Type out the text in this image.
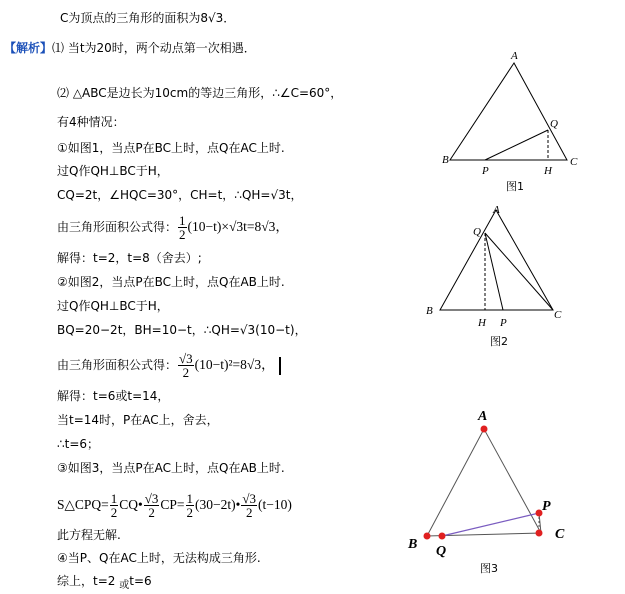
C为顶点的三角形的面积为8√3．
【解析】⑴ 当t为20时，两个动点第一次相遇．
⑵ △ABC是边长为10cm的等边三角形，∴∠C=60°，
有4种情况：
①如图1，当点P在BC上时，点Q在AC上时.
过Q作QH⊥BC于H，
CQ=2t，∠HQC=30°，CH=t，∴QH=√3t，
由三角形面积公式得： $\frac{1}{2} (10-t)\times√3t=8√3$，
解得：t=2，t=8（舍去）;
②如图2，当点P在BC上时，点Q在AB上时.
过Q作QH⊥BC于H，
BQ=20−2t，BH=10−t，∴QH=√3(10−t)，
由三角形面积公式得： $\frac{√3}{2} (10-t)^2=8√3$，
解得：t=6或t=14，
当t=14时，P在AC上，舍去，
∴t=6；
③如图3，当点P在AC上时，点Q在AB上时.
S△CPQ= $\frac{1}{2}$ CQ• $\frac{√3}{2} CP= \frac{1}{2}$ (30−2t)• $\frac{√3}{2} (t-10)$
此方程无解.
④当P、Q在AC上时，无法构成三角形.
综上，t=2 $_或$t=6
A
B	C
Q
P	H
图1
A
B	C
Q
H P
图2
A
B Q
P
C
图3
